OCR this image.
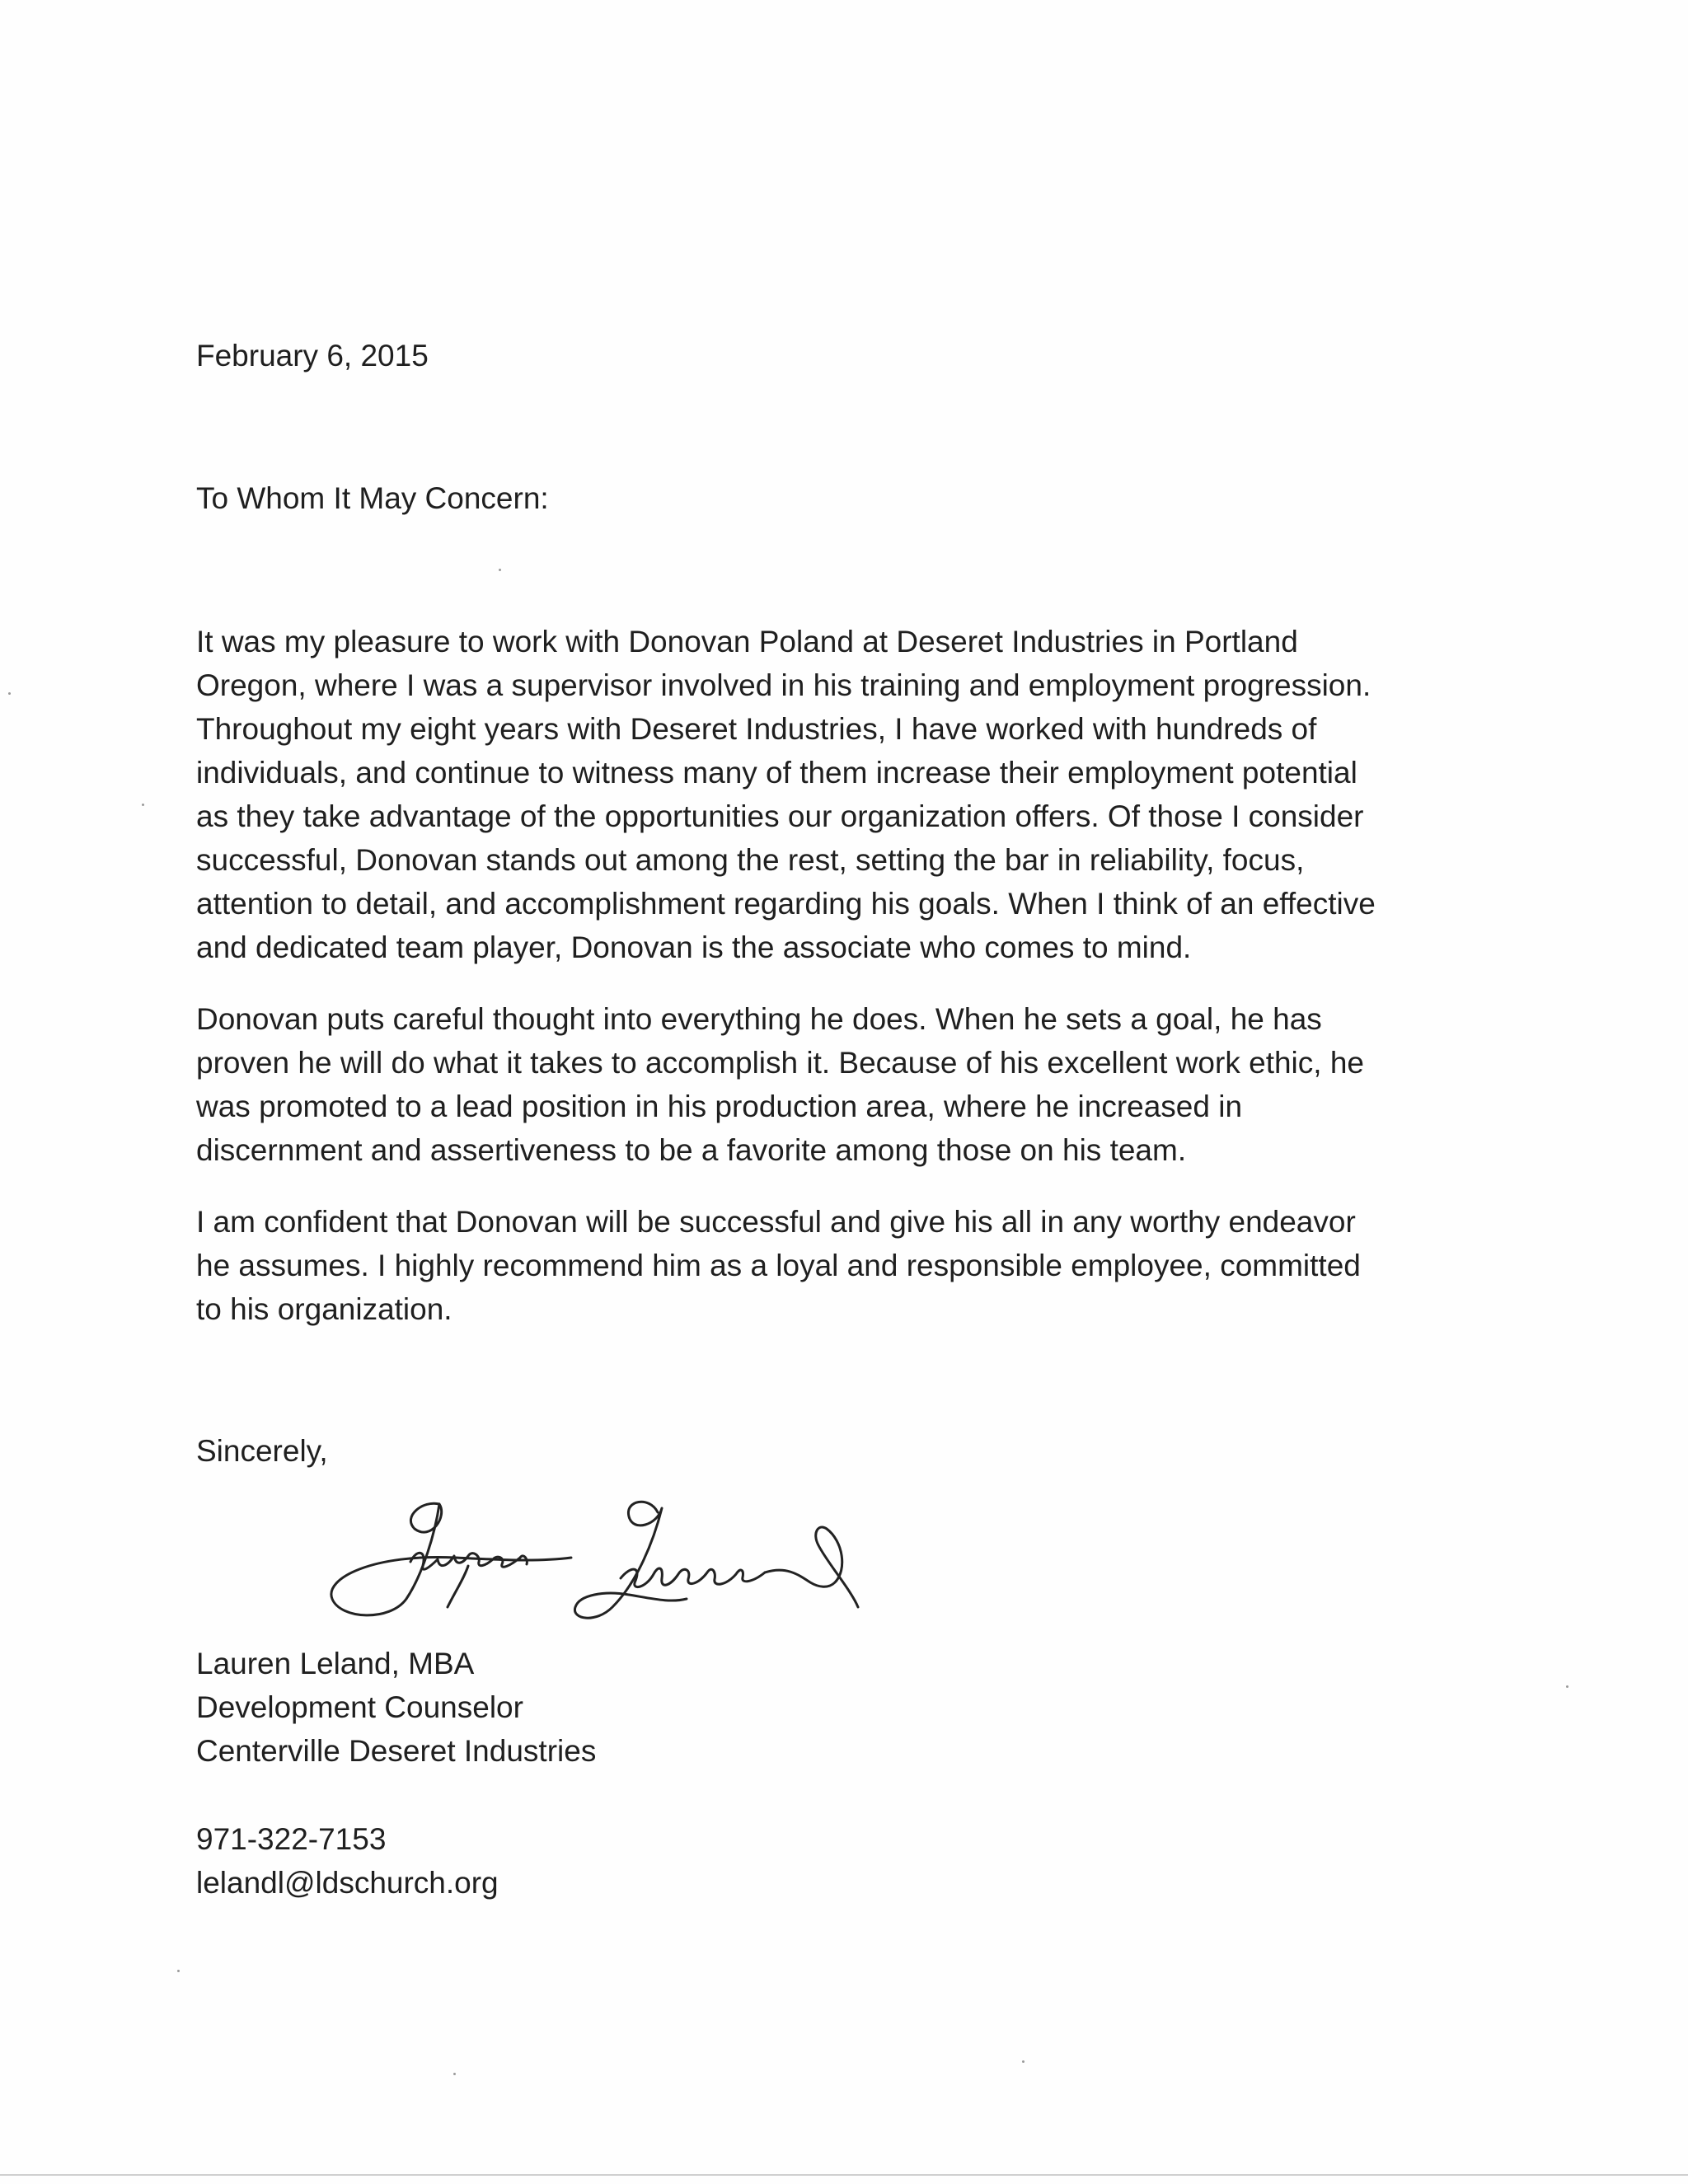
February 6, 2015
To Whom It May Concern:
It was my pleasure to work with Donovan Poland at Deseret Industries in Portland
Oregon, where I was a supervisor involved in his training and employment progression.
Throughout my eight years with Deseret Industries, I have worked with hundreds of
individuals, and continue to witness many of them increase their employment potential
as they take advantage of the opportunities our organization offers. Of those I consider
successful, Donovan stands out among the rest, setting the bar in reliability, focus,
attention to detail, and accomplishment regarding his goals. When I think of an effective
and dedicated team player, Donovan is the associate who comes to mind.
Donovan puts careful thought into everything he does. When he sets a goal, he has
proven he will do what it takes to accomplish it. Because of his excellent work ethic, he
was promoted to a lead position in his production area, where he increased in
discernment and assertiveness to be a favorite among those on his team.
I am confident that Donovan will be successful and give his all in any worthy endeavor
he assumes. I highly recommend him as a loyal and responsible employee, committed
to his organization.
Sincerely,
Lauren Leland, MBA
Development Counselor
Centerville Deseret Industries
971-322-7153
lelandl@ldschurch.org
